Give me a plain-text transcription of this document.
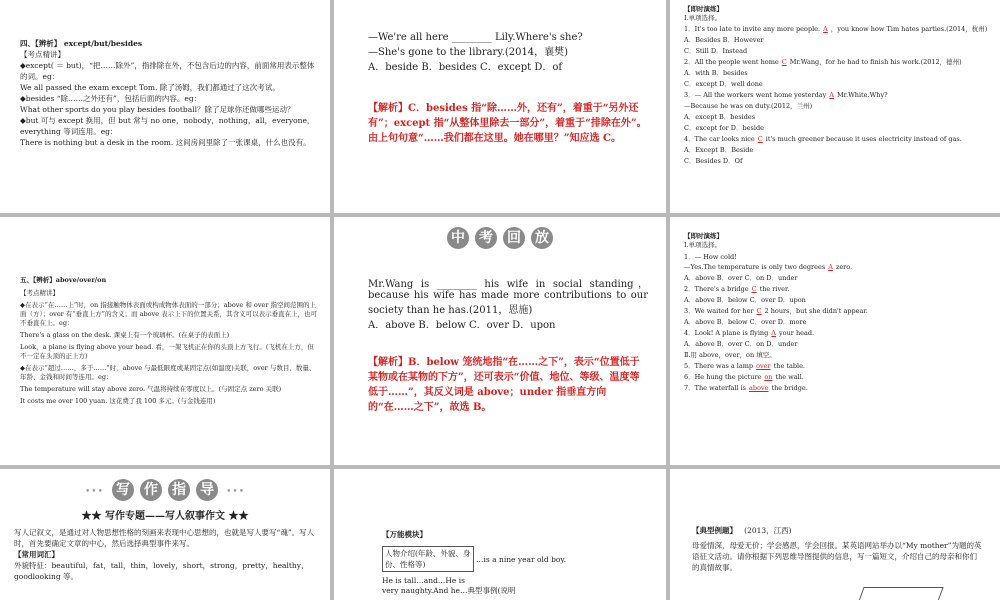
四、【辨析】 except/but/besides
【考点精讲】
◆except( ＝ but)，“把……除外”，指排除在外，不包含后边的内容，前面常用表示整体的词。eg：
We all passed the exam except Tom. 除了汤姆，我们都通过了这次考试。
◆besides “除……之外还有”，包括后面的内容。eg：
What other sports do you play besides football？除了足球你还做哪些运动？
◆but 可与 except 换用，但 but 常与 no one，nobody，nothing，all，everyone，everything 等词连用。eg：
There is nothing but a desk in the room. 这间房间里除了一张课桌，什么也没有。
—We're all here ________ Lily.Where's she?
—She's gone to the library.(2014，襄樊)
A．beside B．besides C．except D．of
【解析】C．besides 指“除……外，还有”，着重于“另外还有”；except 指“从整体里除去一部分”，着重于“排除在外”。由上句句意“……我们都在这里。她在哪里？”知应选 C。
【即时演练】
Ⅰ.单项选择。
1．It's too late to invite any more people. A ，you know how Tim hates parties.(2014，杭州)
A．Besides B．However
C．Still D．Instead
2．All the people went home C Mr.Wang，for he had to finish his work.(2012，德州)
A．with B．besides
C．except D．well done
3．— All the workers went home yesterday A Mr.White.Why?
—Because he was on duty.(2012，兰州)
A．except B．besides
C．except for D．beside
4．The car looks nice C it's much greener because it uses electricity instead of gas.
A．Except B．Beside
C．Besides D．Of
五、【辨析】above/over/on
【考点精讲】
◆在表示“在……上”时，on 指接触物体表面或构成物体表面的一部分；above 和 over 指空间范围的上面（方）；over 有“垂直上方”的含义；而 above 表示上下的位置关系，其含义可以表示垂直在上，也可不垂直在上。eg：
There's a glass on the desk. 课桌上有一个玻璃杯。(在桌子的表面上)
Look，a plane is flying above your head. 看，一架飞机正在你的头顶上方飞行。(飞机在上方，但不一定在头顶的正上方)
◆在表示“超过……，多于……”时，above 与最低限度或某固定点(如温度)关联，over 与数目、数量、年龄、金钱和时间等连用。eg：
The temperature will stay above zero. 气温将持续在零度以上。(与固定点 zero 关联)
It costs me over 100 yuan. 这花费了我 100 多元。(与金钱连用)
中 考 回 放
Mr.Wang is ________ his wife in social standing，because his wife has made more contributions to our society than he has.(2011，恩施)
A．above B．below C．over D．upon
【解析】B．below 笼统地指“在……之下”，表示“位置低于某物或在某物的下方”，还可表示“价值、地位、等级、温度等低于……”，其反义词是 above；under 指垂直方向的“在……之下”，故选 B。
【即时演练】
Ⅰ.单项选择。
1．— How cold!
—Yes.The temperature is only two degrees A zero.
A．above B．over C．on D．under
2．There's a bridge C the river.
A．above B．below C．over D．upon
3．We waited for her C 2 hours，but she didn't appear.
A．above B．below C．over D．more
4．Look! A plane is flying A your head.
A．above B．over C．on D．under
Ⅱ.用 above，over，on 填空。
5．There was a lamp over the table.
6．He hung the picture on the wall.
7．The waterfall is above the bridge.
••• 写 作 指 导 •••
★★ 写作专题——写人叙事作文 ★★
写人记叙文，是通过对人物思想性格的刻画来表现中心思想的，也就是写人要写“魂”。写人时，首先要确定文章的中心，然后选择典型事件来写。
【常用词汇】
外貌特征：beautiful，fat，tall，thin，lovely，short，strong，pretty，healthy，goodlooking 等。
【万能模块】
人物介绍(年龄、外貌、身份、性格等)
…is a nine year old boy.
He is tall…and…He is
very naughty.And he…典型事例(说明
【典型例题】 (2013，江西)
母爱情深，母爱无价；学会感恩，学会回报。某英语网站举办以“My mother”为题的英语征文活动。请你根据下列思维导图提供的信息，写一篇短文，介绍自己的母亲和你们的真情故事。
